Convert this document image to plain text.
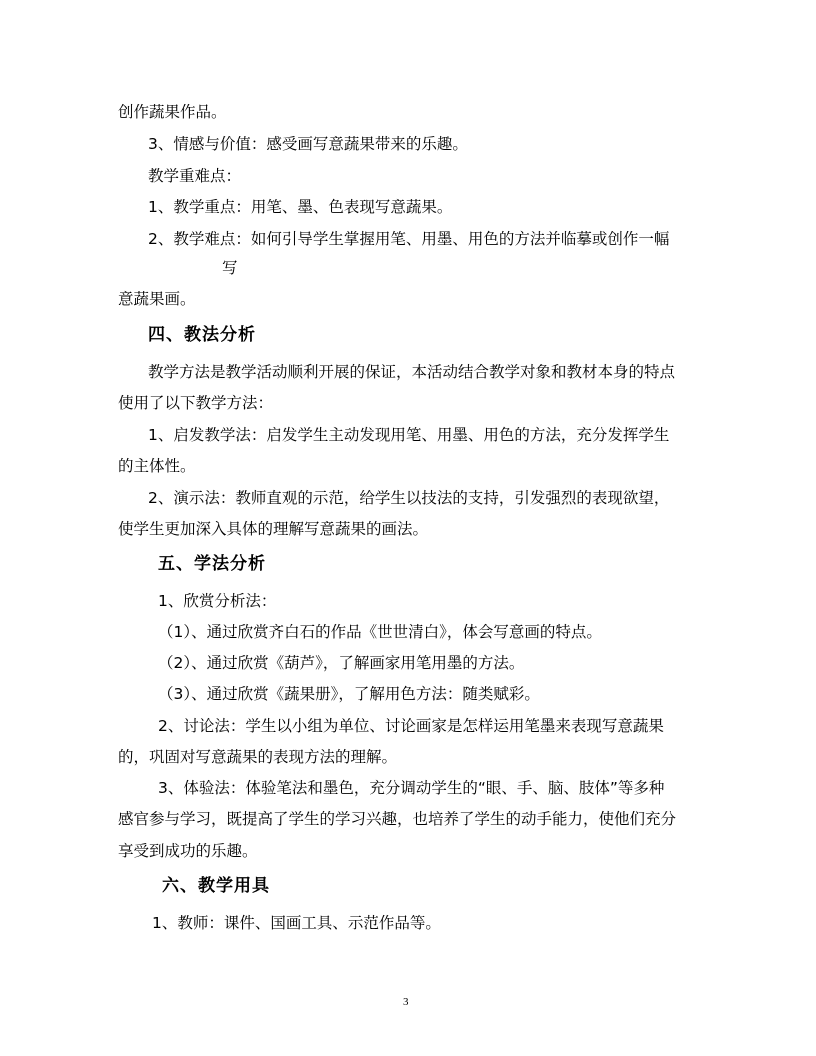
创作蔬果作品。
3、情感与价值：感受画写意蔬果带来的乐趣。
教学重难点：
1、教学重点：用笔、墨、色表现写意蔬果。
2、教学难点：如何引导学生掌握用笔、用墨、用色的方法并临摹或创作一幅
写
意蔬果画。
四、教法分析
教学方法是教学活动顺利开展的保证，本活动结合教学对象和教材本身的特点
使用了以下教学方法：
1、启发教学法：启发学生主动发现用笔、用墨、用色的方法，充分发挥学生
的主体性。
2、演示法：教师直观的示范，给学生以技法的支持，引发强烈的表现欲望，
使学生更加深入具体的理解写意蔬果的画法。
五、学法分析
1、欣赏分析法：
（1）、通过欣赏齐白石的作品《世世清白》，体会写意画的特点。
（2）、通过欣赏《葫芦》，了解画家用笔用墨的方法。
（3）、通过欣赏《蔬果册》，了解用色方法：随类赋彩。
2、讨论法：学生以小组为单位、讨论画家是怎样运用笔墨来表现写意蔬果
的，巩固对写意蔬果的表现方法的理解。
3、体验法：体验笔法和墨色，充分调动学生的“眼、手、脑、肢体”等多种
感官参与学习，既提高了学生的学习兴趣，也培养了学生的动手能力，使他们充分
享受到成功的乐趣。
六、教学用具
1、教师：课件、国画工具、示范作品等。
3
